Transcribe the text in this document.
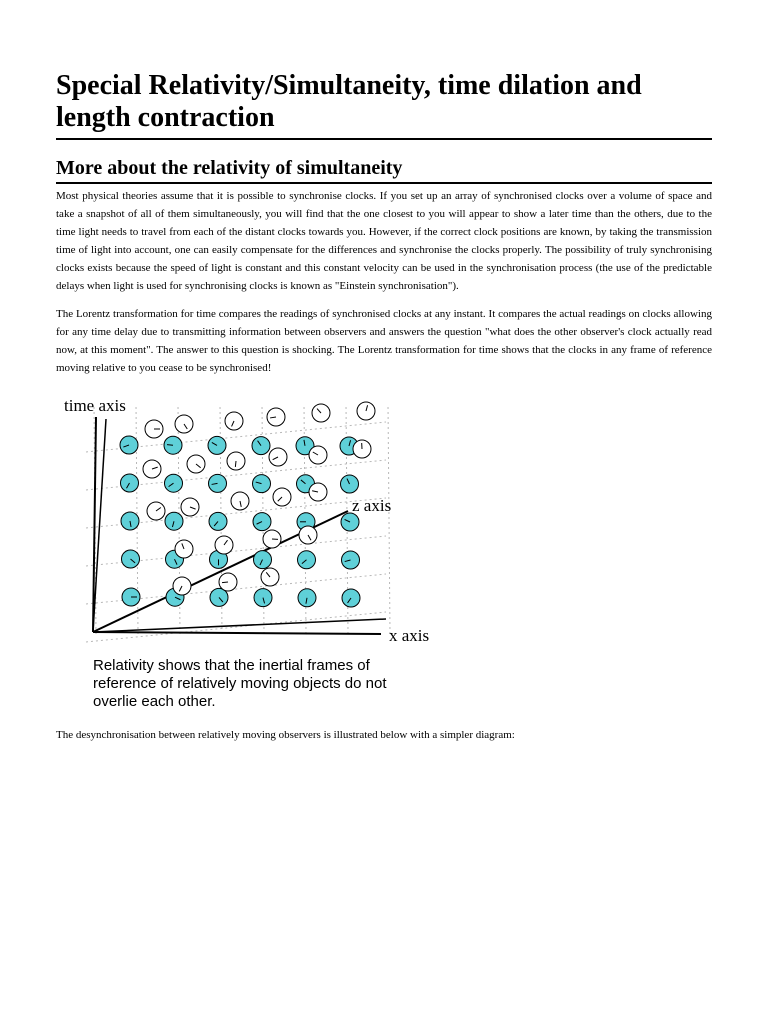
Special Relativity/Simultaneity, time dilation and length contraction
More about the relativity of simultaneity

Most physical theories assume that it is possible to synchronise clocks. If you set up an array of synchronised clocks over a volume of space and take a snapshot of all of them simultaneously, you will find that the one closest to you will appear to show a later time than the others, due to the time light needs to travel from each of the distant clocks towards you. However, if the correct clock positions are known, by taking the transmission time of light into account, one can easily compensate for the differences and synchronise the clocks properly. The possibility of truly synchronising clocks exists because the speed of light is constant and this constant velocity can be used in the synchronisation process (the use of the predictable delays when light is used for synchronising clocks is known as "Einstein synchronisation").

The Lorentz transformation for time compares the readings of synchronised clocks at any instant. It compares the actual readings on clocks allowing for any time delay due to transmitting information between observers and answers the question "what does the other observer's clock actually read now, at this moment". The answer to this question is shocking. The Lorentz transformation for time shows that the clocks in any frame of reference moving relative to you cease to be synchronised!

time axis
z axis
x axis
Relativity shows that the inertial frames of reference of relatively moving objects do not overlie each other.

The desynchronisation between relatively moving observers is illustrated below with a simpler diagram:
